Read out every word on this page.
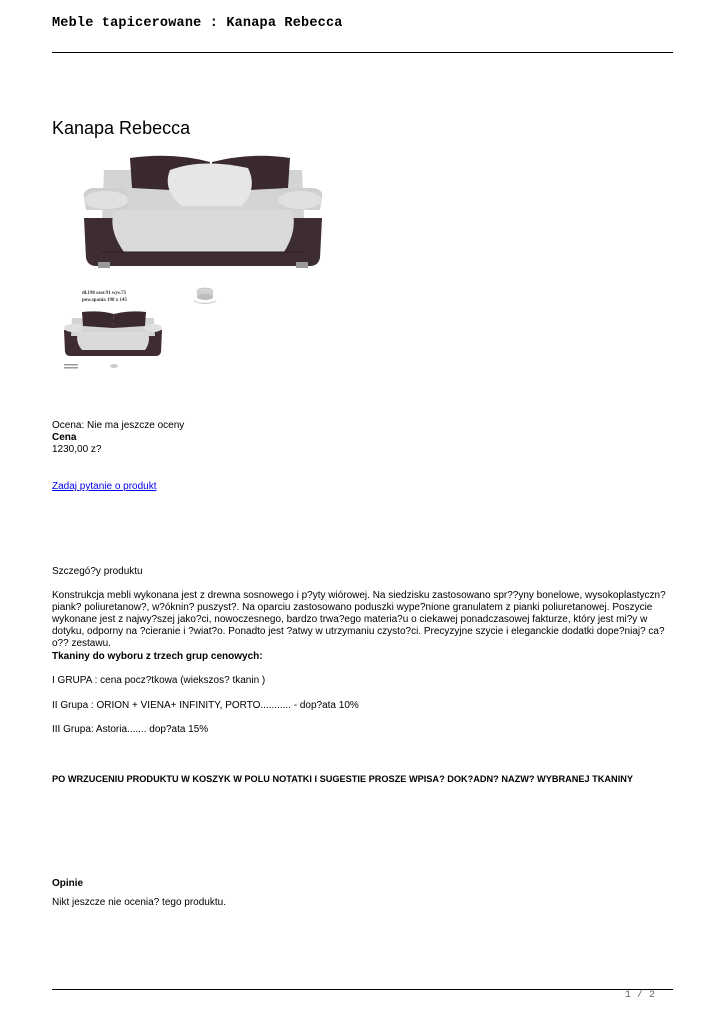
Meble tapicerowane : Kanapa Rebecca
Kanapa Rebecca
dł.198 szer.91 wys.75
pow.spania 198 x 145
Ocena: Nie ma jeszcze oceny
Cena
1230,00 z?
Zadaj pytanie o produkt
Szczegó?y produktu

Konstrukcja mebli wykonana jest z drewna sosnowego i p?yty wiórowej. Na siedzisku zastosowano spr??yny bonelowe, wysokoplastyczn? piank? poliuretanow?, w?óknin? puszyst?. Na oparciu zastosowano poduszki wype?nione granulatem z pianki poliuretanowej. Poszycie wykonane jest z najwy?szej jako?ci, nowoczesnego, bardzo trwa?ego materia?u o ciekawej ponadczasowej fakturze, który jest mi?y w dotyku, odporny na ?cieranie i ?wiat?o. Ponadto jest ?atwy w utrzymaniu czysto?ci. Precyzyjne szycie i eleganckie dodatki dope?niaj? ca?o?? zestawu.

Tkaniny do wyboru z trzech grup cenowych:
I GRUPA : cena pocz?tkowa (wiekszos? tkanin )
II Grupa : ORION + VIENA+ INFINITY, PORTO........... - dop?ata 10%
III Grupa: Astoria....... dop?ata 15%
PO WRZUCENIU PRODUKTU W KOSZYK W POLU NOTATKI I SUGESTIE PROSZE WPISA? DOK?ADN? NAZW? WYBRANEJ TKANINY
Opinie
Nikt jeszcze nie ocenia? tego produktu.
1 / 2
